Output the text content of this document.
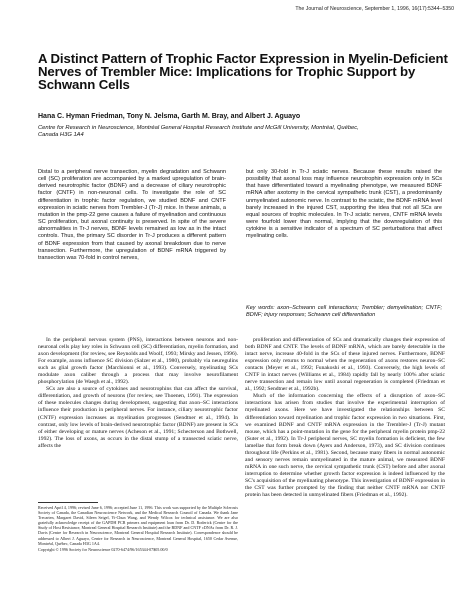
The Journal of Neuroscience, September 1, 1996, 16(17):5344–5350
A Distinct Pattern of Trophic Factor Expression in Myelin-Deficient Nerves of Trembler Mice: Implications for Trophic Support by Schwann Cells
Hana C. Hyman Friedman, Tony N. Jelsma, Garth M. Bray, and Albert J. Aguayo
Centre for Research in Neuroscience, Montréal General Hospital Research Institute and McGill University, Montréal, Québec, Canada H3G 1A4

Distal to a peripheral nerve transection, myelin degradation and Schwann cell (SC) proliferation are accompanied by a marked upregulation of brain-derived neurotrophic factor (BDNF) and a decrease of ciliary neurotrophic factor (CNTF) in non-neuronal cells. To investigate the role of SC differentiation in trophic factor regulation, we studied BDNF and CNTF expression in sciatic nerves from Trembler-J (Tr-J) mice. In these animals, a mutation in the pmp-22 gene causes a failure of myelination and continuous SC proliferation, but axonal continuity is preserved. In spite of the severe abnormalities in Tr-J nerves, BDNF levels remained as low as in the intact controls. Thus, the primary SC disorder in Tr-J produces a different pattern of BDNF expression from that caused by axonal breakdown due to nerve transection. Furthermore, the upregulation of BDNF mRNA triggered by transection was 70-fold in control nerves,

but only 30-fold in Tr-J sciatic nerves. Because these results raised the possibility that axonal loss may influence neurotrophin expression only in SCs that have differentiated toward a myelinating phenotype, we measured BDNF mRNA after axotomy in the cervical sympathetic trunk (CST), a predominantly unmyelinated autonomic nerve. In contrast to the sciatic, the BDNF mRNA level barely increased in the injured CST, supporting the idea that not all SCs are equal sources of trophic molecules. In Tr-J sciatic nerves, CNTF mRNA levels were fourfold lower than normal, implying that the downregulation of this cytokine is a sensitive indicator of a spectrum of SC perturbations that affect myelinating cells.

Key words: axon–Schwann cell interactions; Trembler; demyelination; CNTF; BDNF; injury responses; Schwann cell differentiation

In the peripheral nervous system (PNS), interactions between neurons and non-neuronal cells play key roles in Schwann cell (SC) differentiation, myelin formation, and axon development (for review, see Reynolds and Woolf, 1993; Mirsky and Jessen, 1996). For example, axons influence SC division (Salzer et al., 1980), probably via neuregulins such as glial growth factor (Marchionni et al., 1993). Conversely, myelinating SCs modulate axon caliber through a process that may involve neurofilament phosphorylation (de Waegh et al., 1992).

SCs are also a source of cytokines and neurotrophins that can affect the survival, differentiation, and growth of neurons (for review, see Thoenen, 1991). The expression of these molecules changes during development, suggesting that axon–SC interactions influence their production in peripheral nerves. For instance, ciliary neurotrophic factor (CNTF) expression increases as myelination progresses (Sendtner et al., 1994). In contrast, only low levels of brain-derived neurotrophic factor (BDNF) are present in SCs of either developing or mature nerves (Acheson et al., 1991; Schecterson and Bothwell, 1992). The loss of axons, as occurs in the distal stump of a transected sciatic nerve, affects the

proliferation and differentiation of SCs and dramatically changes their expression of both BDNF and CNTF. The levels of BDNF mRNA, which are barely detectable in the intact nerve, increase 40-fold in the SCs of these injured nerves. Furthermore, BDNF expression only returns to normal when the regeneration of axons restores neuron–SC contacts (Meyer et al., 1992; Funakoshi et al., 1993). Conversely, the high levels of CNTF in intact nerves (Williams et al., 1984) rapidly fall by nearly 100% after sciatic nerve transection and remain low until axonal regeneration is completed (Friedman et al., 1992; Sendtner et al., 1992b).

Much of the information concerning the effects of a disruption of axon–SC interactions has arisen from studies that involve the experimental interruption of myelinated axons. Here we have investigated the relationships between SC differentiation toward myelination and trophic factor expression in two situations. First, we examined BDNF and CNTF mRNA expression in the Trembler-J (Tr-J) mutant mouse, which has a point-mutation in the gene for the peripheral myelin protein pmp-22 (Suter et al., 1992). In Tr-J peripheral nerves, SC myelin formation is deficient, the few lamellae that form break down (Ayers and Anderson, 1973), and SC division continues throughout life (Perkins et al., 1981). Second, because many fibers in normal autonomic and sensory nerves remain unmyelinated in the mature animal, we measured BDNF mRNA in one such nerve, the cervical sympathetic trunk (CST) before and after axonal interruption to determine whether growth factor expression is indeed influenced by the SC's acquisition of the myelinating phenotype. This investigation of BDNF expression in the CST was further prompted by the finding that neither CNTF mRNA nor CNTF protein has been detected in unmyelinated fibers (Friedman et al., 1992).

Received April 4, 1996; revised June 6, 1996; accepted June 11, 1996. This work was supported by the Multiple Sclerosis Society of Canada, the Canadian Neuroscience Network, and the Medical Research Council of Canada. We thank Jane Trecarten, Margaret David, Sileen Seigel, Yi-Chun Wang, and Wendy Wilcox for technical assistance. We are also gratefully acknowledge receipt of the GAPDH PCR primers and equipment loan from Dr. D. Roderick (Centre for the Study of Host Resistance, Montreal General Hospital Research Institute) and the BDNF and CNTF cDNAs from Dr. R. J. Davis (Centre for Research in Neuroscience, Montreal General Hospital Research Institute). Correspondence should be addressed to Albert J. Aguayo, Centre for Research in Neuroscience, Montreal General Hospital, 1650 Cedar Avenue, Montréal, Québec, Canada H3G 1A4.

Copyright © 1996 Society for Neuroscience 0270-6474/96/165344-07$05.00/0
